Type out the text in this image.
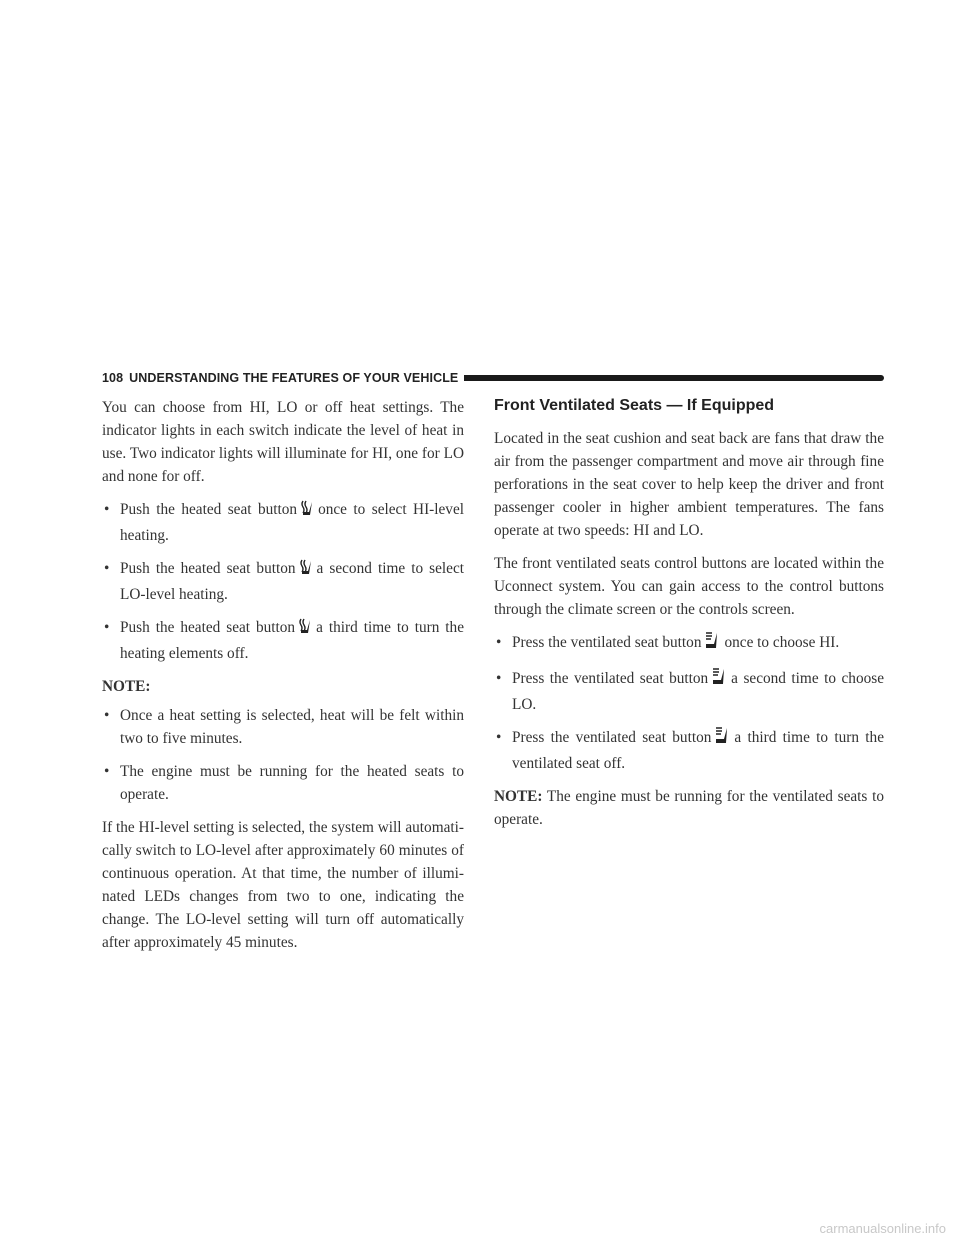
108 UNDERSTANDING THE FEATURES OF YOUR VEHICLE

You can choose from HI, LO or off heat settings. The indicator lights in each switch indicate the level of heat in use. Two indicator lights will illuminate for HI, one for LO and none for off.

• Push the heated seat button once to select HI-level heating.
• Push the heated seat button a second time to select LO-level heating.
• Push the heated seat button a third time to turn the heating elements off.

NOTE:

• Once a heat setting is selected, heat will be felt within two to five minutes.
• The engine must be running for the heated seats to operate.

If the HI-level setting is selected, the system will automati-cally switch to LO-level after approximately 60 minutes of continuous operation. At that time, the number of illumi-nated LEDs changes from two to one, indicating the change. The LO-level setting will turn off automatically after approximately 45 minutes.

Front Ventilated Seats — If Equipped

Located in the seat cushion and seat back are fans that draw the air from the passenger compartment and move air through fine perforations in the seat cover to help keep the driver and front passenger cooler in higher ambient temperatures. The fans operate at two speeds: HI and LO.

The front ventilated seats control buttons are located within the Uconnect system. You can gain access to the control buttons through the climate screen or the controls screen.

• Press the ventilated seat button once to choose HI.
• Press the ventilated seat button a second time to choose LO.
• Press the ventilated seat button a third time to turn the ventilated seat off.

NOTE: The engine must be running for the ventilated seats to operate.

carmanualsonline.info
